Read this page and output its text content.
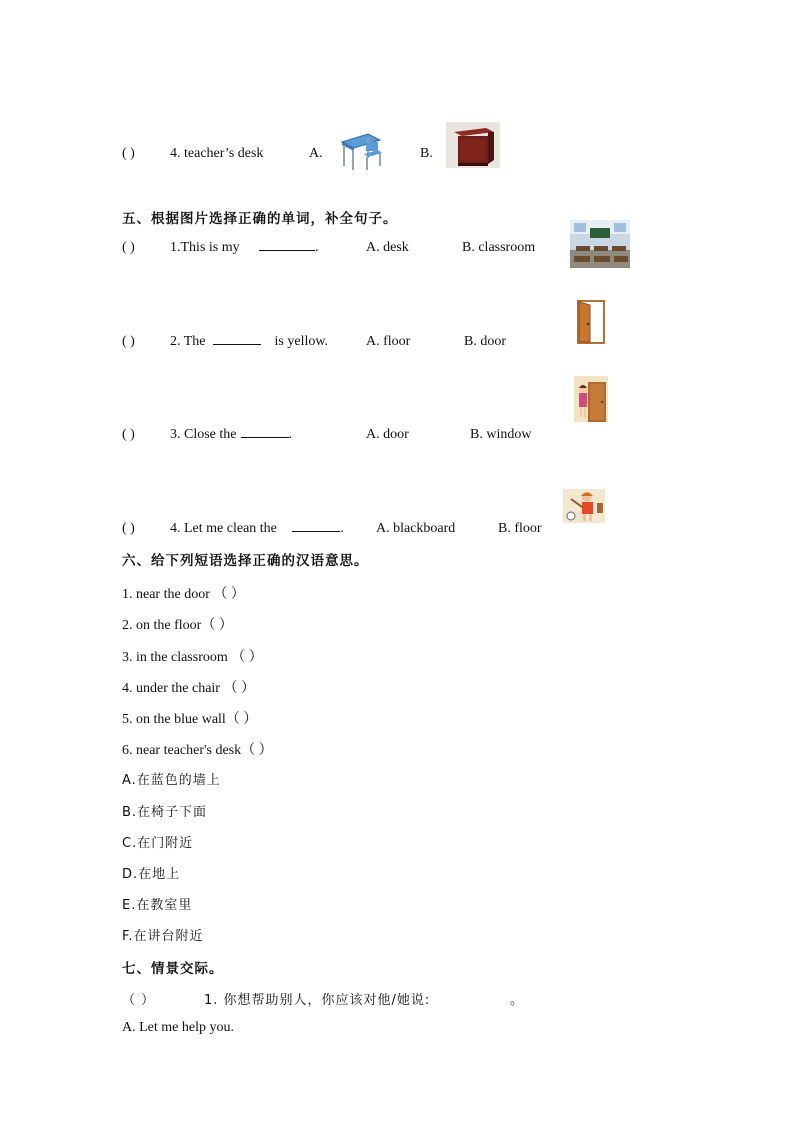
( )	4. teacher’s desk	A.	B.
五、根据图片选择正确的单词，补全句子。
( )	1.This is my	.	A. desk	B. classroom
( )	2. The	is yellow.	A. floor	B. door
( )	3. Close the	.	A. door	B. window
( )	4. Let me clean the	. A. blackboard	B. floor
六、给下列短语选择正确的汉语意思。
1. near the door （ ）
2. on the floor（ ）
3. in the classroom （ ）
4. under the chair （ ）
5. on the blue wall（ ）
6. near teacher's desk（ ）
A.在蓝色的墙上
B.在椅子下面
C.在门附近
D.在地上
E.在教室里
F.在讲台附近
七、情景交际。
（ ）	1. 你想帮助别人，你应该对他/她说:	。
A. Let me help you.
